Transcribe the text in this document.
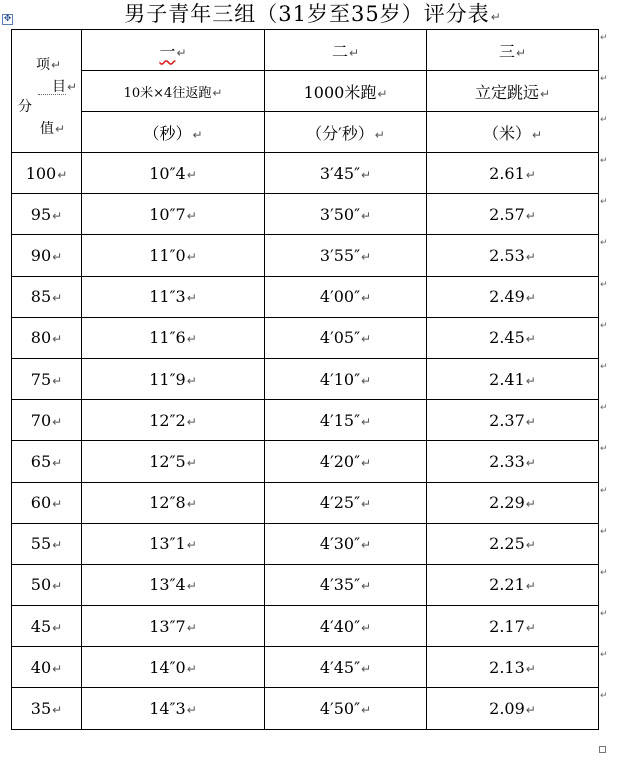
男子青年三组（31岁至35岁）评分表↵
✥
项↵
目↵
分
值↵	一↵	二↵	三↵
	10米×4往返跑↵	1000米跑↵	立定跳远↵
	（秒）↵	（分′秒）↵	（米）↵
100↵	10″4↵	3′45″↵	2.61↵
95↵	10″7↵	3′50″↵	2.57↵
90↵	11″0↵	3′55″↵	2.53↵
85↵	11″3↵	4′00″↵	2.49↵
80↵	11″6↵	4′05″↵	2.45↵
75↵	11″9↵	4′10″↵	2.41↵
70↵	12″2↵	4′15″↵	2.37↵
65↵	12″5↵	4′20″↵	2.33↵
60↵	12″8↵	4′25″↵	2.29↵
55↵	13″1↵	4′30″↵	2.25↵
50↵	13″4↵	4′35″↵	2.21↵
45↵	13″7↵	4′40″↵	2.17↵
40↵	14″0↵	4′45″↵	2.13↵
35↵	14″3↵	4′50″↵	2.09↵
↵
↵
↵
↵
↵
↵
↵
↵
↵
↵
↵
↵
↵
↵
↵
↵
↵
